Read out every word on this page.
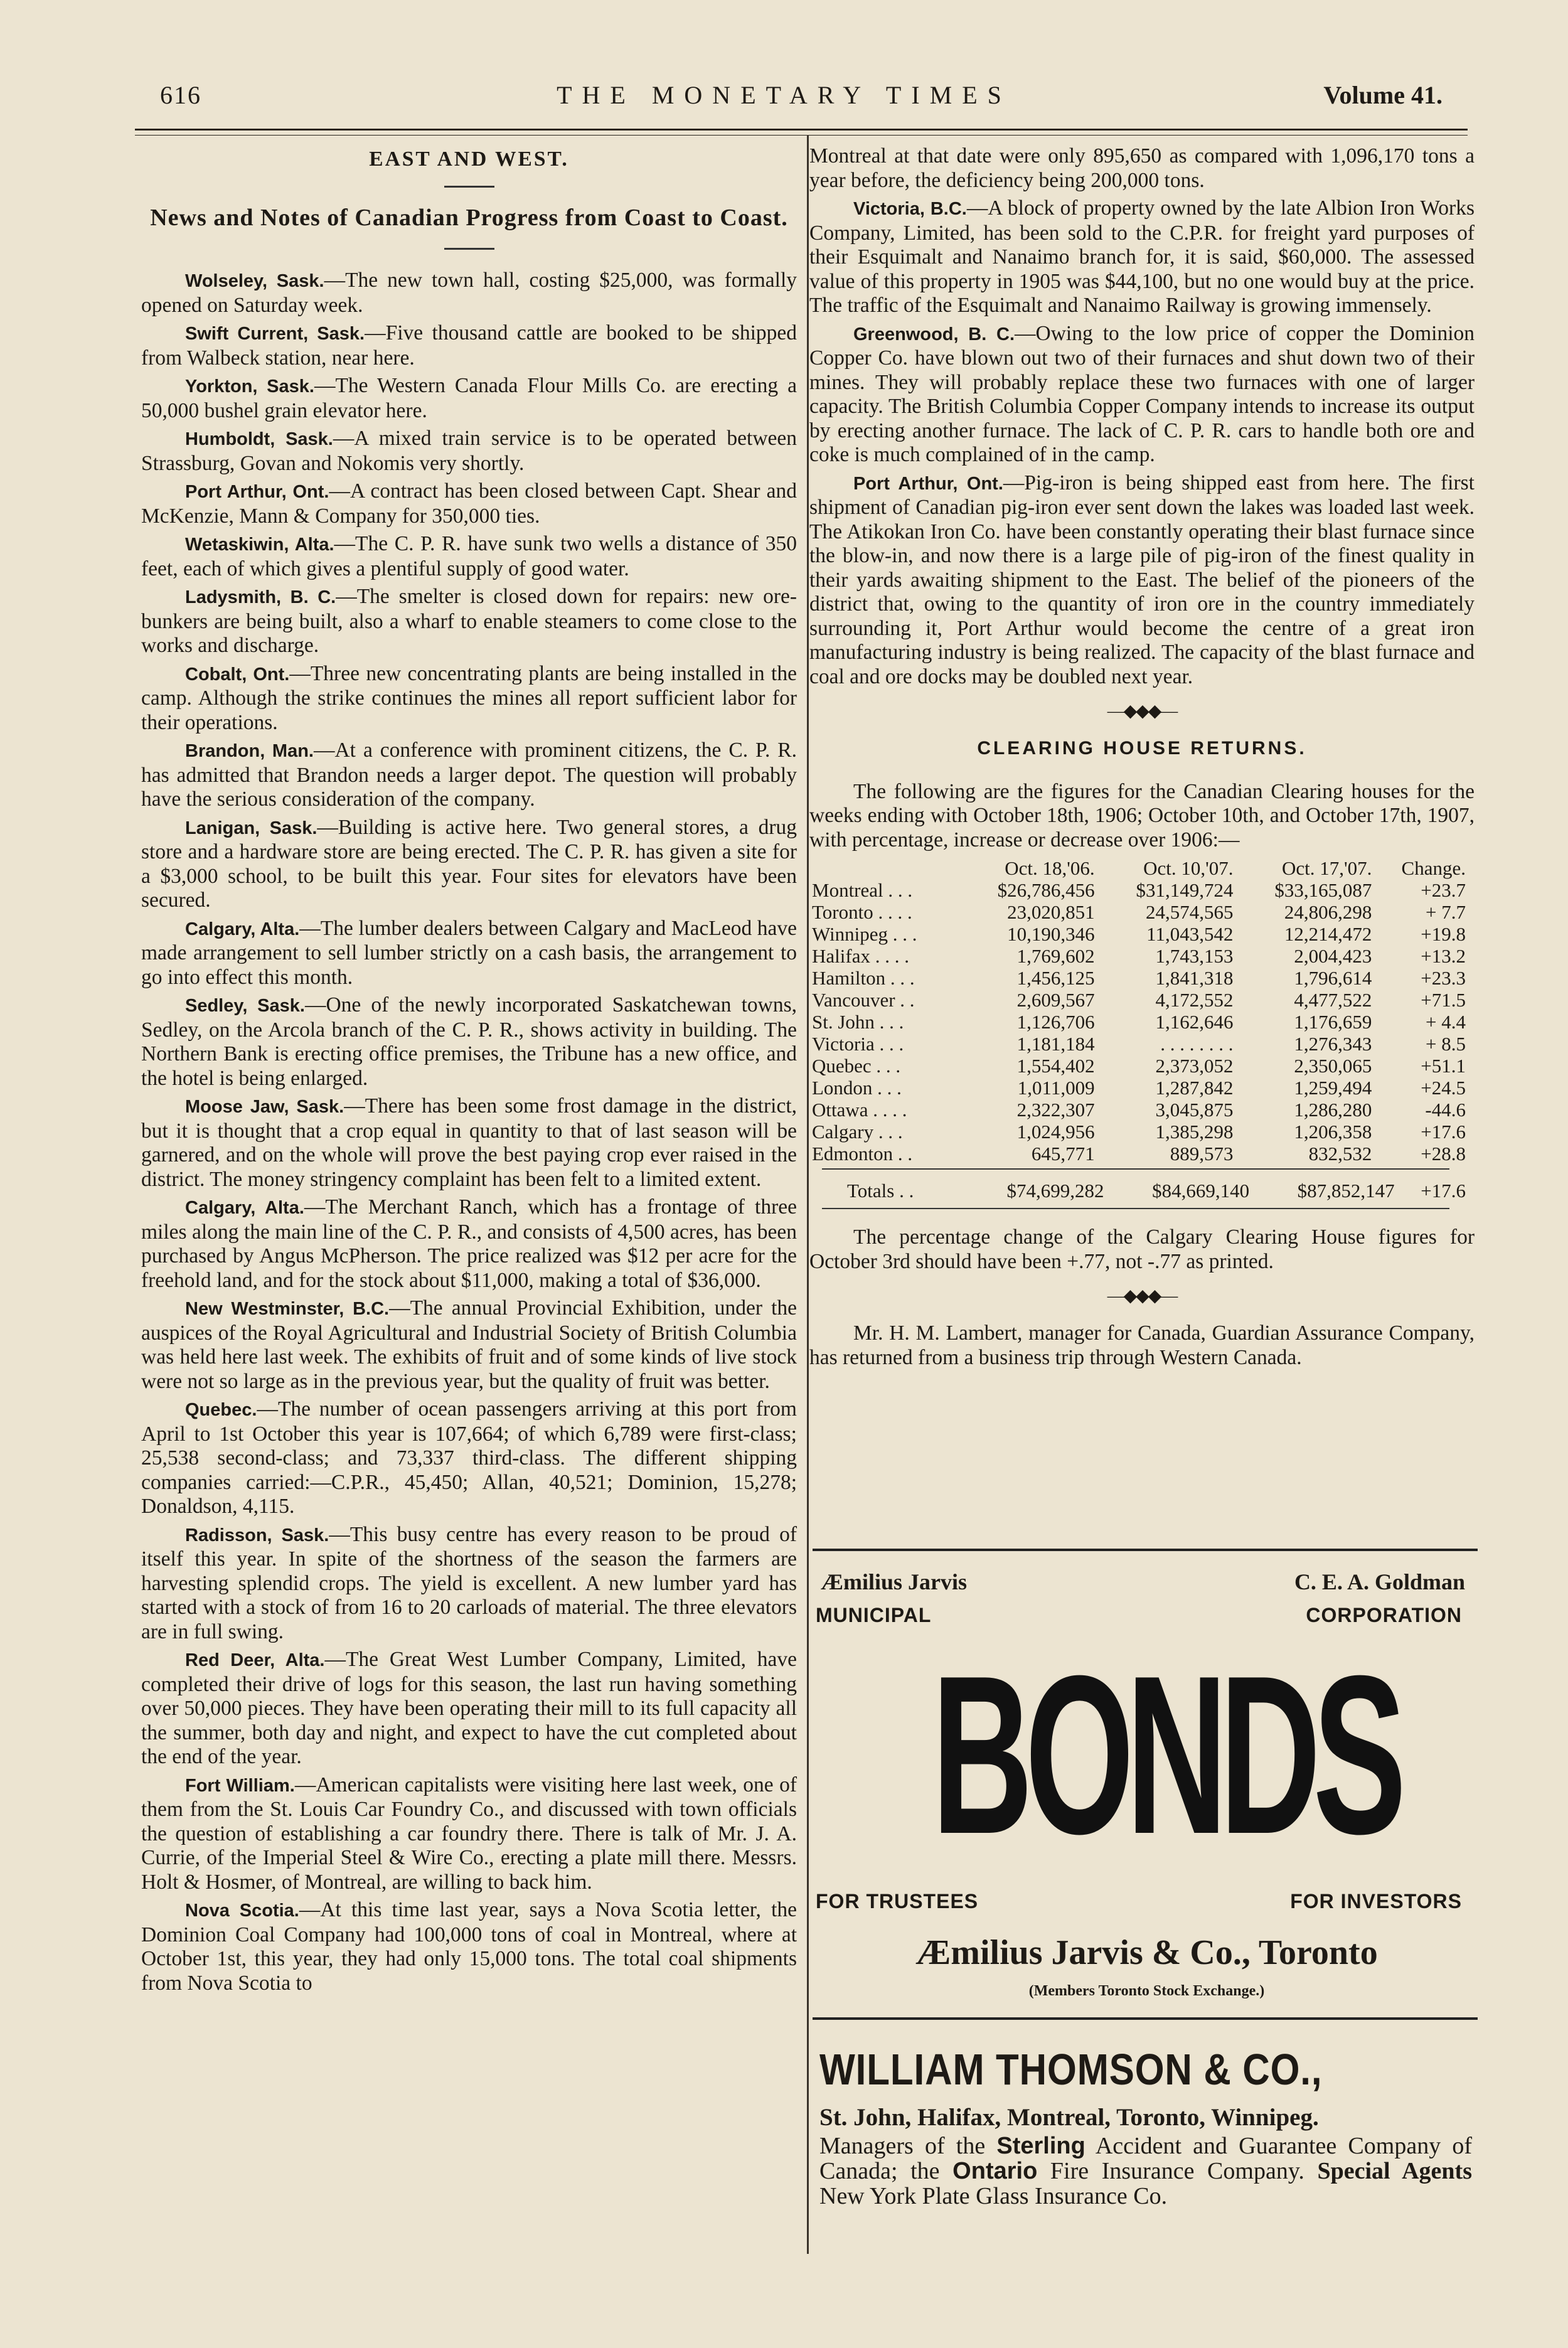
616	THE MONETARY TIMES	Volume 41.

EAST AND WEST.

News and Notes of Canadian Progress from Coast to Coast.

Wolseley, Sask.—The new town hall, costing $25,000, was formally opened on Saturday week.

Swift Current, Sask.—Five thousand cattle are booked to be shipped from Walbeck station, near here.

Yorkton, Sask.—The Western Canada Flour Mills Co. are erecting a 50,000 bushel grain elevator here.

Humboldt, Sask.—A mixed train service is to be operated between Strassburg, Govan and Nokomis very shortly.

Port Arthur, Ont.—A contract has been closed between Capt. Shear and McKenzie, Mann & Company for 350,000 ties.

Wetaskiwin, Alta.—The C. P. R. have sunk two wells a distance of 350 feet, each of which gives a plentiful supply of good water.

Ladysmith, B. C.—The smelter is closed down for repairs: new ore-bunkers are being built, also a wharf to enable steamers to come close to the works and discharge.

Cobalt, Ont.—Three new concentrating plants are being installed in the camp. Although the strike continues the mines all report sufficient labor for their operations.

Brandon, Man.—At a conference with prominent citizens, the C. P. R. has admitted that Brandon needs a larger depot. The question will probably have the serious consideration of the company.

Lanigan, Sask.—Building is active here. Two general stores, a drug store and a hardware store are being erected. The C. P. R. has given a site for a $3,000 school, to be built this year. Four sites for elevators have been secured.

Calgary, Alta.—The lumber dealers between Calgary and MacLeod have made arrangement to sell lumber strictly on a cash basis, the arrangement to go into effect this month.

Sedley, Sask.—One of the newly incorporated Saskatchewan towns, Sedley, on the Arcola branch of the C. P. R., shows activity in building. The Northern Bank is erecting office premises, the Tribune has a new office, and the hotel is being enlarged.

Moose Jaw, Sask.—There has been some frost damage in the district, but it is thought that a crop equal in quantity to that of last season will be garnered, and on the whole will prove the best paying crop ever raised in the district. The money stringency complaint has been felt to a limited extent.

Calgary, Alta.—The Merchant Ranch, which has a frontage of three miles along the main line of the C. P. R., and consists of 4,500 acres, has been purchased by Angus McPherson. The price realized was $12 per acre for the freehold land, and for the stock about $11,000, making a total of $36,000.

New Westminster, B.C.—The annual Provincial Exhibition, under the auspices of the Royal Agricultural and Industrial Society of British Columbia was held here last week. The exhibits of fruit and of some kinds of live stock were not so large as in the previous year, but the quality of fruit was better.

Quebec.—The number of ocean passengers arriving at this port from April to 1st October this year is 107,664; of which 6,789 were first-class; 25,538 second-class; and 73,337 third-class. The different shipping companies carried:—C.P.R., 45,450; Allan, 40,521; Dominion, 15,278; Donaldson, 4,115.

Radisson, Sask.—This busy centre has every reason to be proud of itself this year. In spite of the shortness of the season the farmers are harvesting splendid crops. The yield is excellent. A new lumber yard has started with a stock of from 16 to 20 carloads of material. The three elevators are in full swing.

Red Deer, Alta.—The Great West Lumber Company, Limited, have completed their drive of logs for this season, the last run having something over 50,000 pieces. They have been operating their mill to its full capacity all the summer, both day and night, and expect to have the cut completed about the end of the year.

Fort William.—American capitalists were visiting here last week, one of them from the St. Louis Car Foundry Co., and discussed with town officials the question of establishing a car foundry there. There is talk of Mr. J. A. Currie, of the Imperial Steel & Wire Co., erecting a plate mill there. Messrs. Holt & Hosmer, of Montreal, are willing to back him.

Nova Scotia.—At this time last year, says a Nova Scotia letter, the Dominion Coal Company had 100,000 tons of coal in Montreal, where at October 1st, this year, they had only 15,000 tons. The total coal shipments from Nova Scotia to

Montreal at that date were only 895,650 as compared with 1,096,170 tons a year before, the deficiency being 200,000 tons.

Victoria, B.C.—A block of property owned by the late Albion Iron Works Company, Limited, has been sold to the C.P.R. for freight yard purposes of their Esquimalt and Nanaimo branch for, it is said, $60,000. The assessed value of this property in 1905 was $44,100, but no one would buy at the price. The traffic of the Esquimalt and Nanaimo Railway is growing immensely.

Greenwood, B. C.—Owing to the low price of copper the Dominion Copper Co. have blown out two of their furnaces and shut down two of their mines. They will probably replace these two furnaces with one of larger capacity. The British Columbia Copper Company intends to increase its output by erecting another furnace. The lack of C. P. R. cars to handle both ore and coke is much complained of in the camp.

Port Arthur, Ont.—Pig-iron is being shipped east from here. The first shipment of Canadian pig-iron ever sent down the lakes was loaded last week. The Atikokan Iron Co. have been constantly operating their blast furnace since the blow-in, and now there is a large pile of pig-iron of the finest quality in their yards awaiting shipment to the East. The belief of the pioneers of the district that, owing to the quantity of iron ore in the country immediately surrounding it, Port Arthur would become the centre of a great iron manufacturing industry is being realized. The capacity of the blast furnace and coal and ore docks may be doubled next year.

—◆◆◆—

CLEARING HOUSE RETURNS.

The following are the figures for the Canadian Clearing houses for the weeks ending with October 18th, 1906; October 10th, and October 17th, 1907, with percentage, increase or decrease over 1906:—

	Oct. 18,'06.	Oct. 10,'07.	Oct. 17,'07.	Change.
Montreal . . .	$26,786,456	$31,149,724	$33,165,087	+23.7
Toronto . . . .	23,020,851	24,574,565	24,806,298	+ 7.7
Winnipeg . . .	10,190,346	11,043,542	12,214,472	+19.8
Halifax . . . .	1,769,602	1,743,153	2,004,423	+13.2
Hamilton . . .	1,456,125	1,841,318	1,796,614	+23.3
Vancouver . .	2,609,567	4,172,552	4,477,522	+71.5
St. John . . .	1,126,706	1,162,646	1,176,659	+ 4.4
Victoria . . .	1,181,184	. . . . . . . .	1,276,343	+ 8.5
Quebec . . .	1,554,402	2,373,052	2,350,065	+51.1
London . . .	1,011,009	1,287,842	1,259,494	+24.5
Ottawa . . . .	2,322,307	3,045,875	1,286,280	-44.6
Calgary . . .	1,024,956	1,385,298	1,206,358	+17.6
Edmonton . .	645,771	889,573	832,532	+28.8
Totals . .	$74,699,282	$84,669,140	$87,852,147	+17.6

The percentage change of the Calgary Clearing House figures for October 3rd should have been +.77, not -.77 as printed.

—◆◆◆—

Mr. H. M. Lambert, manager for Canada, Guardian Assurance Company, has returned from a business trip through Western Canada.

Æmilius Jarvis	C. E. A. Goldman
MUNICIPAL	CORPORATION
FOR TRUSTEES	FOR INVESTORS
Æmilius Jarvis & Co., Toronto
(Members Toronto Stock Exchange.)
BONDS
WILLIAM THOMSON & CO.,
St. John, Halifax, Montreal, Toronto, Winnipeg.
Managers of the Sterling Accident and Guarantee Company of Canada; the Ontario Fire Insurance Company. Special Agents New York Plate Glass Insurance Co.
